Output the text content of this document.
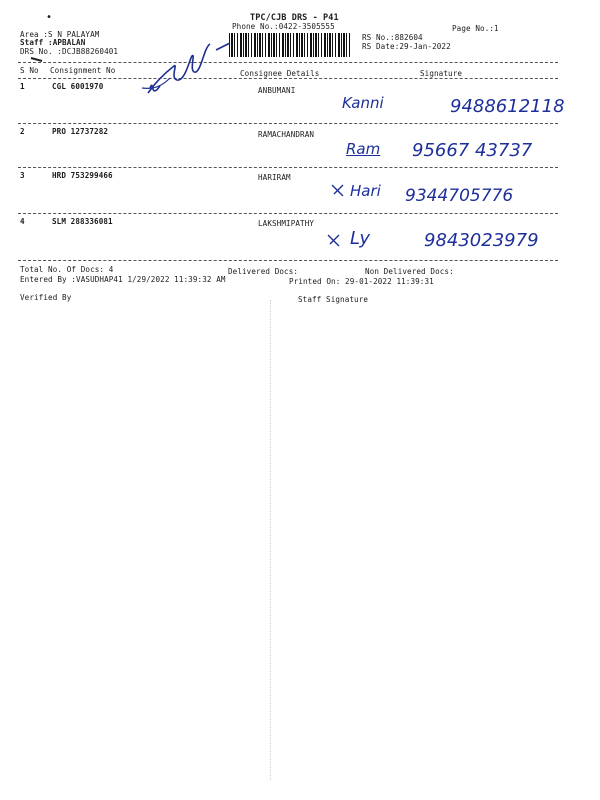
•	TPC/CJB DRS - P41
Phone No.:0422-3505555	Page No.:1
Area :S N PALAYAM
Staff :APBALAN
DRS No. :DCJB88260401
RS No.:882604
RS Date:29-Jan-2022
S No Consignment No	Consignee Details	Signature
1	CGL 6001970	ANBUMANI
Kanni	9488612118
2	PRO 12737282	RAMACHANDRAN
Ram 95667 43737
3	HRD 753299466	HARIRAM
Hari 9344705776
4	SLM 288336081	LAKSHMIPATHY
Ly	9843023979
Total No. Of Docs: 4	Delivered Docs:	Non Delivered Docs:
Entered By :VASUDHAP41 1/29/2022 11:39:32 AM	Printed On: 29-01-2022 11:39:31
Verified By	Staff Signature
